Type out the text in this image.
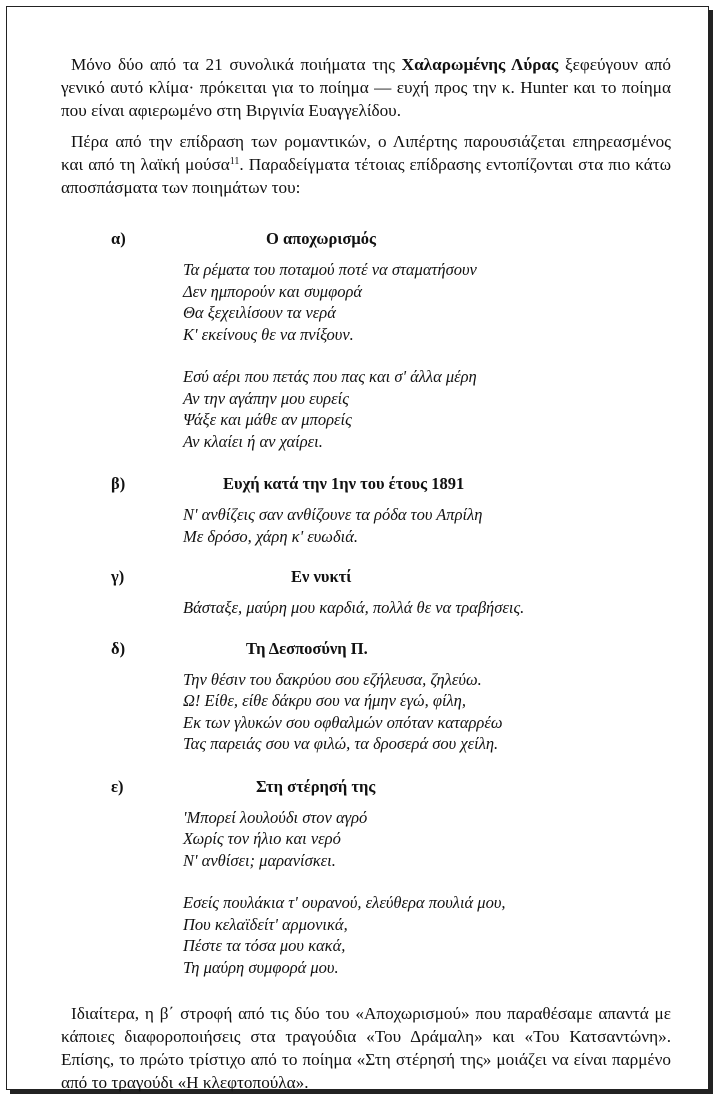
Μόνο δύο από τα 21 συνολικά ποιήματα της Χαλαρωμένης Λύρας ξεφεύγουν από γενικό αυτό κλίμα· πρόκειται για το ποίημα — ευχή προς την κ. Hunter και το ποίημα που είναι αφιερωμένο στη Βιργινία Ευαγγελίδου.

Πέρα από την επίδραση των ρομαντικών, ο Λιπέρτης παρουσιάζεται επηρεασμένος και από τη λαϊκή μούσα$^{11}$. Παραδείγματα τέτοιας επίδρασης εντοπίζονται στα πιο κάτω αποσπάσματα των ποιημάτων του:

α)	Ο αποχωρισμός
Τα ρέματα του ποταμού ποτέ να σταματήσουν
Δεν ημπορούν και συμφορά
Θα ξεχειλίσουν τα νερά
Κ' εκείνους θε να πνίξουν.
Εσύ αέρι που πετάς που πας και σ' άλλα μέρη
Αν την αγάπην μου ευρείς
Ψάξε και μάθε αν μπορείς
Αν κλαίει ή αν χαίρει.
β)	Ευχή κατά την 1ην του έτους 1891
Ν' ανθίζεις σαν ανθίζουνε τα ρόδα του Απρίλη
Με δρόσο, χάρη κ' ευωδιά.
γ)	Εν νυκτί
Βάσταξε, μαύρη μου καρδιά, πολλά θε να τραβήσεις.
δ)	Τη Δεσποσύνη Π.
Την θέσιν του δακρύου σου εζήλευσα, ζηλεύω.
Ω! Είθε, είθε δάκρυ σου να ήμην εγώ, φίλη,
Εκ των γλυκών σου οφθαλμών οπόταν καταρρέω
Τας παρειάς σου να φιλώ, τα δροσερά σου χείλη.
ε)	Στη στέρησή της
'Μπορεί λουλούδι στον αγρό
Χωρίς τον ήλιο και νερό
Ν' ανθίσει; μαρανίσκει.
Εσείς πουλάκια τ' ουρανού, ελεύθερα πουλιά μου,
Που κελαϊδείτ' αρμονικά,
Πέστε τα τόσα μου κακά,
Τη μαύρη συμφορά μου.

Ιδιαίτερα, η β΄ στροφή από τις δύο του «Αποχωρισμού» που παραθέσαμε απαντά με κάποιες διαφοροποιήσεις στα τραγούδια «Του Δράμαλη» και «Του Κατσαντώνη». Επίσης, το πρώτο τρίστιχο από το ποίημα «Στη στέρησή της» μοιάζει να είναι παρμένο από το τραγούδι «Η κλεφτοπούλα».
